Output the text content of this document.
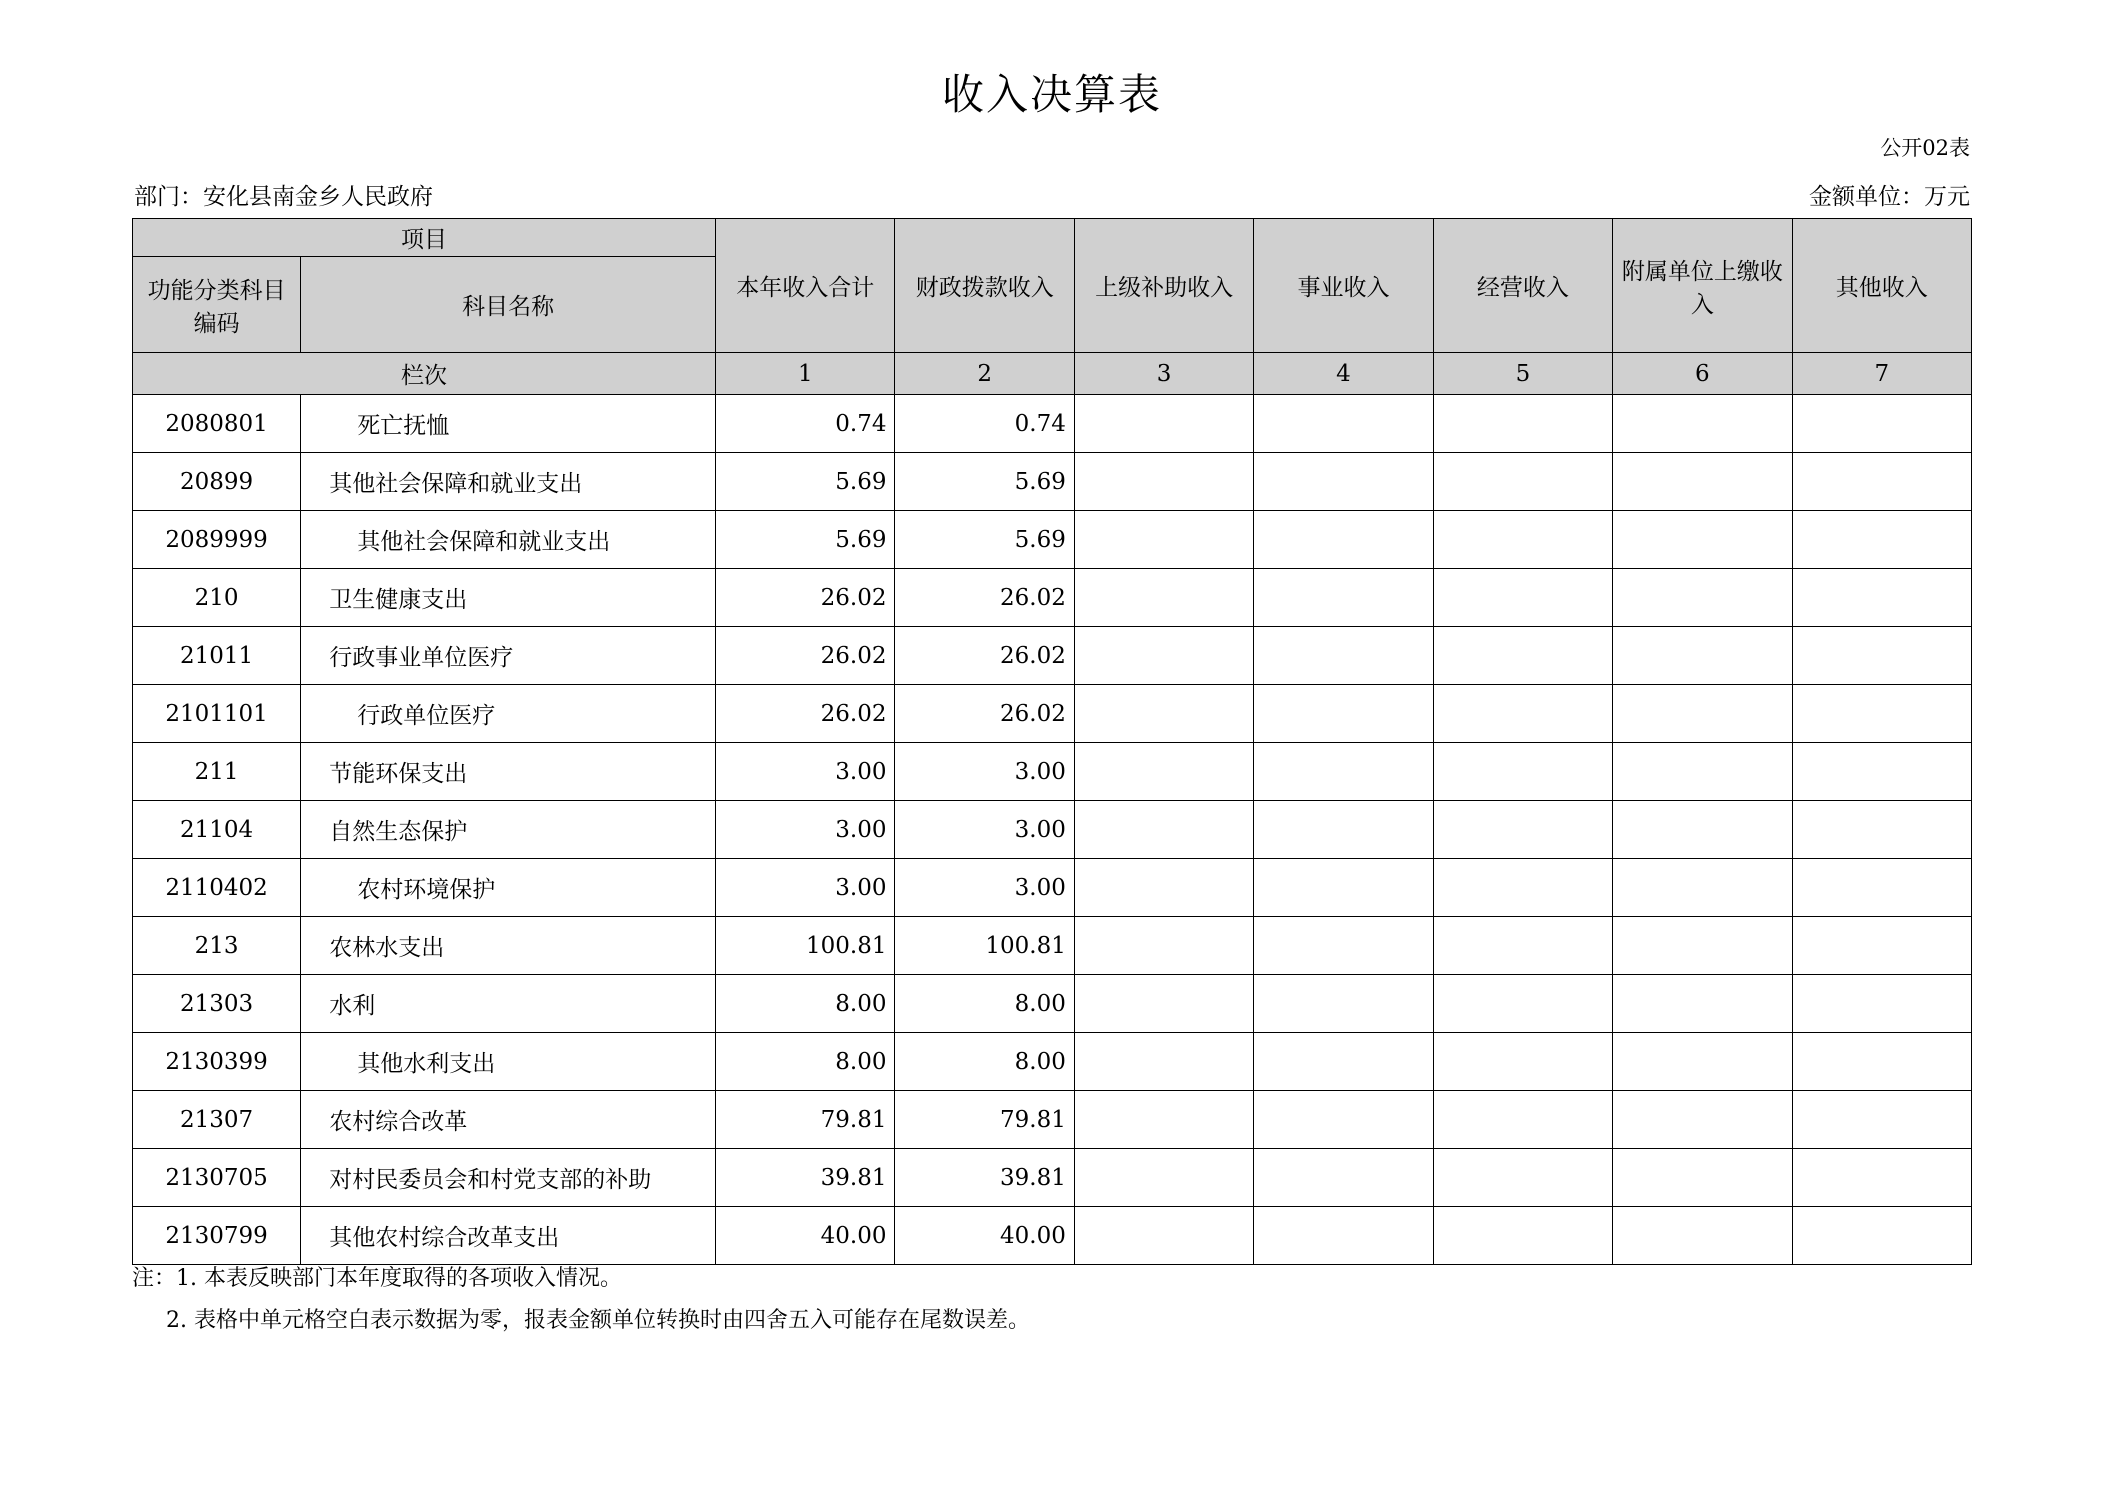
收入决算表
公开02表
部门：安化县南金乡人民政府	金额单位：万元
项目		本年收入合计	财政拨款收入	上级补助收入	事业收入	经营收入	附属单位上缴收入	其他收入
功能分类科目编码	科目名称							
栏次		1	2	3	4	5	6	7
2080801	死亡抚恤	0.74	0.74					
20899	其他社会保障和就业支出	5.69	5.69					
2089999	其他社会保障和就业支出	5.69	5.69					
210	卫生健康支出	26.02	26.02					
21011	行政事业单位医疗	26.02	26.02					
2101101	行政单位医疗	26.02	26.02					
211	节能环保支出	3.00	3.00					
21104	自然生态保护	3.00	3.00					
2110402	农村环境保护	3.00	3.00					
213	农林水支出	100.81	100.81					
21303	水利	8.00	8.00					
2130399	其他水利支出	8.00	8.00					
21307	农村综合改革	79.81	79.81					
2130705	对村民委员会和村党支部的补助	39.81	39.81					
2130799	其他农村综合改革支出	40.00	40.00					
注：1. 本表反映部门本年度取得的各项收入情况。
2. 表格中单元格空白表示数据为零，报表金额单位转换时由四舍五入可能存在尾数误差。
